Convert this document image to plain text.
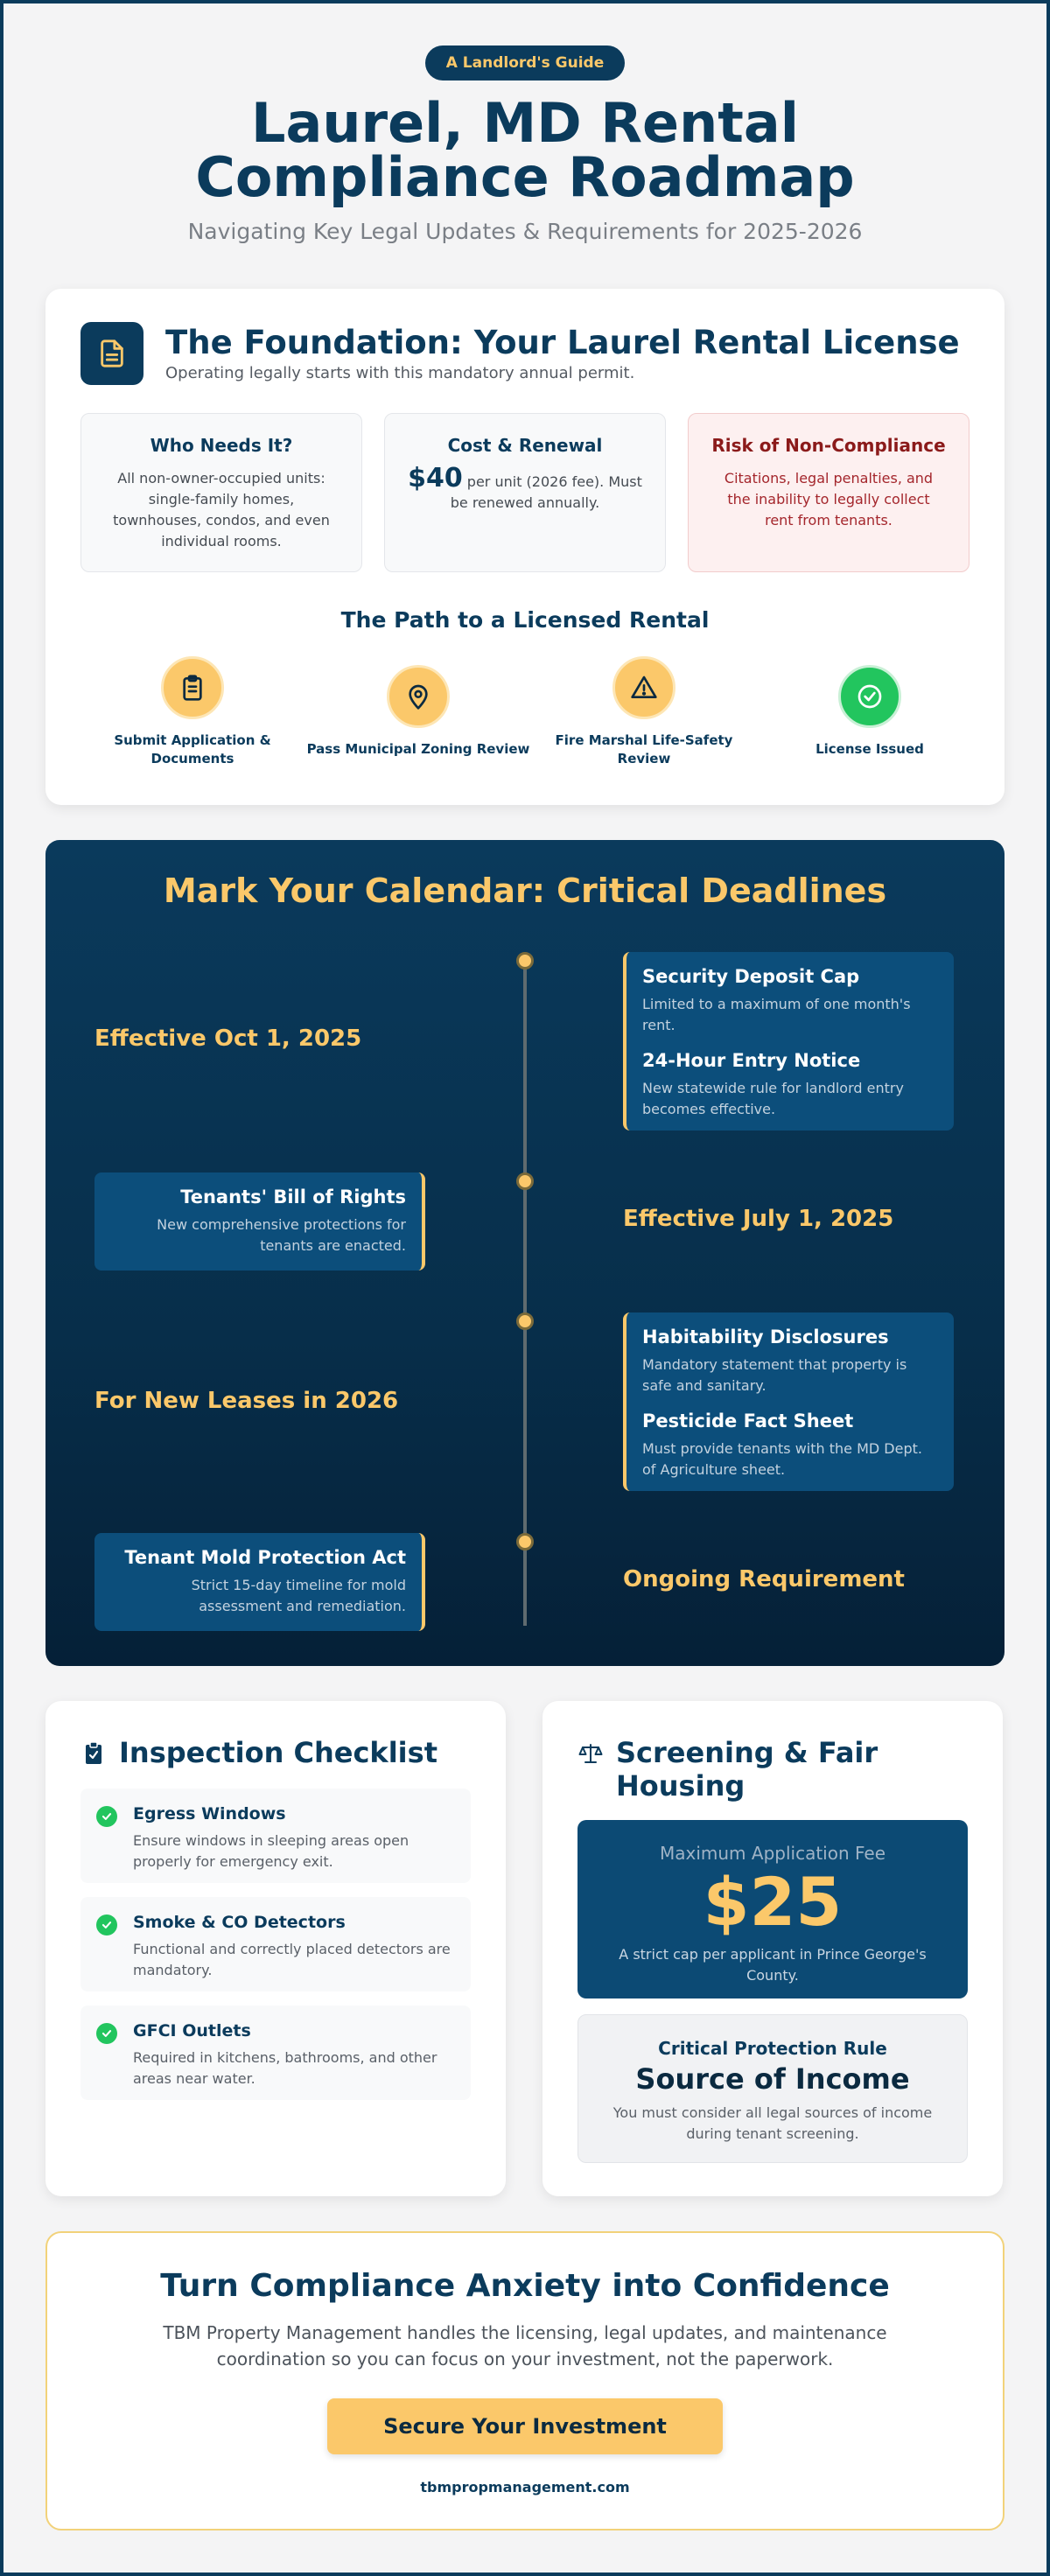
A Landlord's Guide
Laurel, MD Rental Compliance Roadmap
Navigating Key Legal Updates & Requirements for 2025-2026
The Foundation: Your Laurel Rental License
Operating legally starts with this mandatory annual permit.
Who Needs It?

All non-owner-occupied units: single-family homes, townhouses, condos, and even individual rooms.

Cost & Renewal

$40 per unit (2026 fee). Must be renewed annually.

Risk of Non-Compliance

Citations, legal penalties, and the inability to legally collect rent from tenants.

The Path to a Licensed Rental
Submit Application & Documents
Pass Municipal Zoning Review
Fire Marshal Life-Safety Review
License Issued
Mark Your Calendar: Critical Deadlines
Effective Oct 1, 2025
Security Deposit Cap

Limited to a maximum of one month's rent.

24-Hour Entry Notice

New statewide rule for landlord entry becomes effective.

Tenants' Bill of Rights

New comprehensive protections for tenants are enacted.

Effective July 1, 2025
For New Leases in 2026
Habitability Disclosures

Mandatory statement that property is safe and sanitary.

Pesticide Fact Sheet

Must provide tenants with the MD Dept. of Agriculture sheet.

Tenant Mold Protection Act

Strict 15-day timeline for mold assessment and remediation.

Ongoing Requirement
Inspection Checklist
Egress Windows

Ensure windows in sleeping areas open properly for emergency exit.

Smoke & CO Detectors

Functional and correctly placed detectors are mandatory.

GFCI Outlets

Required in kitchens, bathrooms, and other areas near water.

Screening & Fair Housing
Maximum Application Fee
$25
A strict cap per applicant in Prince George's County.
Critical Protection Rule
Source of Income
You must consider all legal sources of income during tenant screening.
Turn Compliance Anxiety into Confidence

TBM Property Management handles the licensing, legal updates, and maintenance coordination so you can focus on your investment, not the paperwork.

Secure Your Investment
tbmpropmanagement.com
